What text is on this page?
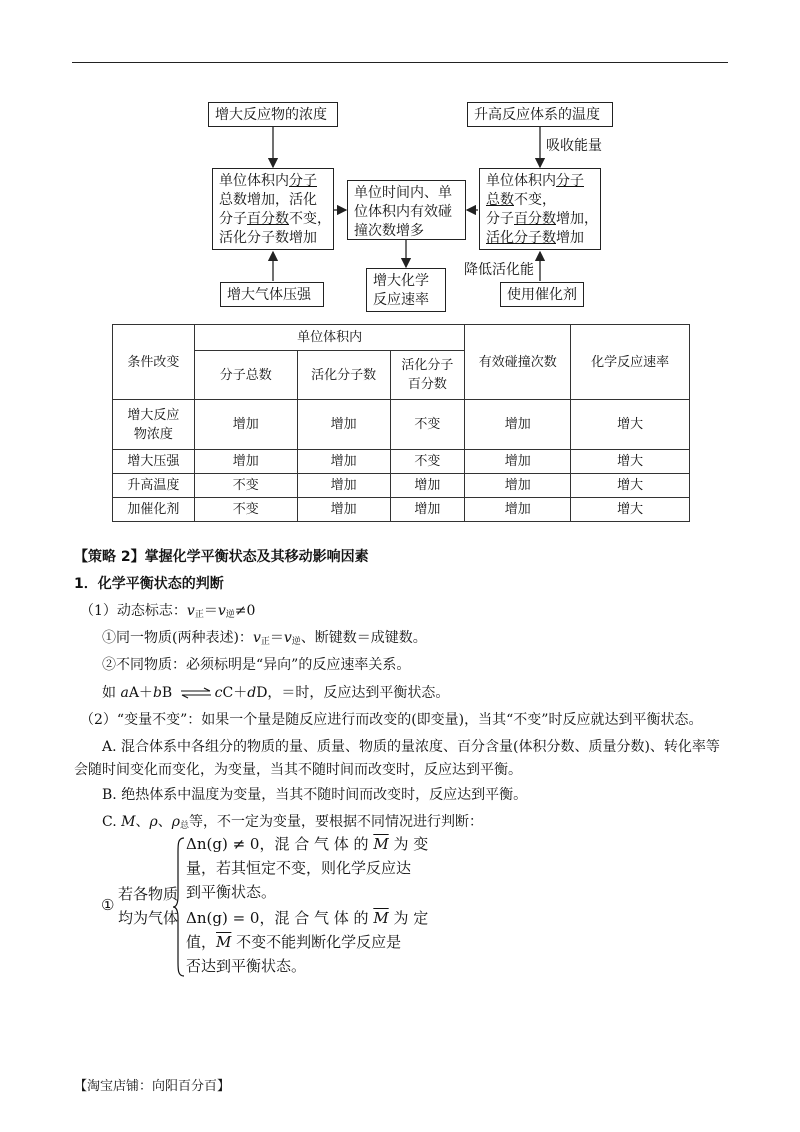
增大反应物的浓度	升高反应体系的温度
吸收能量
单位体积内分子
总数增加，活化
分子百分数不变，
活化分子数增加
单位时间内、单
位体积内有效碰
撞次数增多
单位体积内分子
总数不变，
分子百分数增加，
活化分子数增加
降低活化能
增大气体压强
增大化学
反应速率	使用催化剂
条件改变	单位体积内			有效碰撞次数	化学反应速率
	分子总数	活化分子数	活化分子
百分数		
增大反应
物浓度	增加	增加	不变	增加	增大
增大压强	增加	增加	不变	增加	增大
升高温度	不变	增加	增加	增加	增大
加催化剂	不变	增加	增加	增加	增大
【策略 2】掌握化学平衡状态及其移动影响因素
1．化学平衡状态的判断
（1）动态标志：$v_正=v_逆\ne 0$
①同一物质(两种表述)：$v_正=v_逆$、断键数＝成键数。
②不同物质：必须标明是“异向”的反应速率关系。
如 aA＋bB ⇌ cC＋dD，＝时，反应达到平衡状态。
（2）“变量不变”：如果一个量是随反应进行而改变的(即变量)，当其“不变”时反应就达到平衡状态。
A. 混合体系中各组分的物质的量、质量、物质的量浓度、百分含量(体积分数、质量分数)、转化率等
会随时间变化而变化，为变量，当其不随时间而改变时，反应达到平衡。
B. 绝热体系中温度为变量，当其不随时间而改变时，反应达到平衡。
C. M、ρ、$\rho_总$等，不一定为变量，要根据不同情况进行判断：
①
若各物质
均为气体
Δn(g) ≠ 0，混 合 气 体 的 $\overline{M}$ 为 变
量，若其恒定不变，则化学反应达
到平衡状态。
Δn(g) = 0，混 合 气 体 的 $\overline{M}$ 为 定
值，$\overline{M}$ 不变不能判断化学反应是
否达到平衡状态。
【淘宝店铺：向阳百分百】
